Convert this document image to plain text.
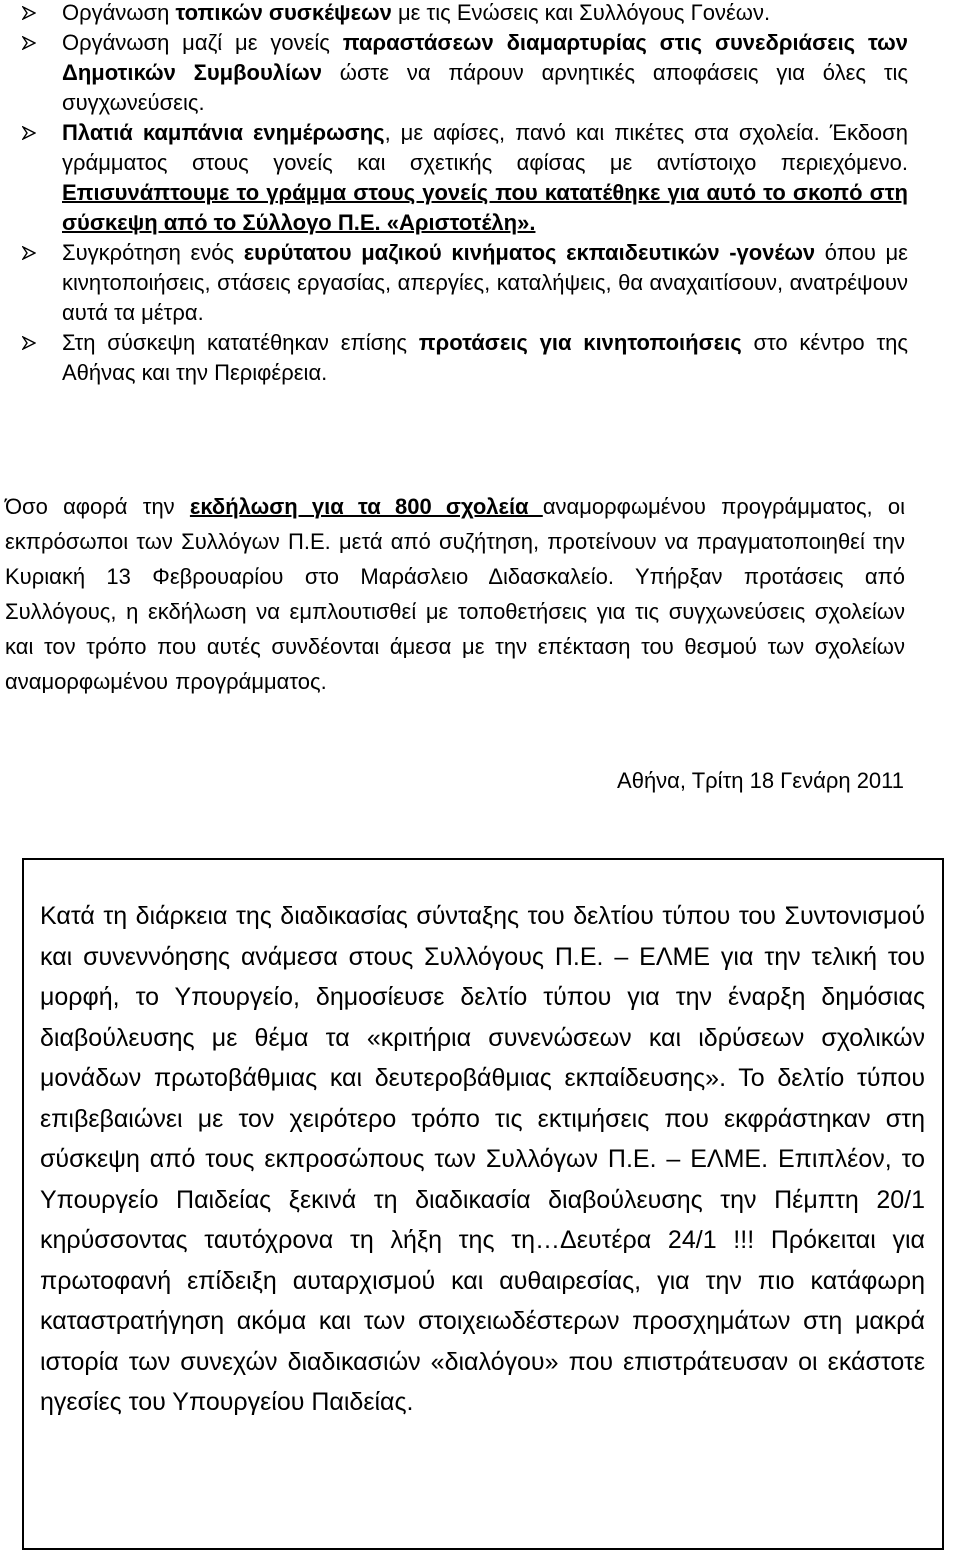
Οργάνωση τοπικών συσκέψεων με τις Ενώσεις και Συλλόγους Γονέων.
Οργάνωση μαζί με γονείς παραστάσεων διαμαρτυρίας στις συνεδριάσεις των Δημοτικών Συμβουλίων ώστε να πάρουν αρνητικές αποφάσεις για όλες τις συγχωνεύσεις.
Πλατιά καμπάνια ενημέρωσης, με αφίσες, πανό και πικέτες στα σχολεία. Έκδοση γράμματος στους γονείς και σχετικής αφίσας με αντίστοιχο περιεχόμενο. Επισυνάπτουμε το γράμμα στους γονείς που κατατέθηκε για αυτό το σκοπό στη σύσκεψη από το Σύλλογο Π.Ε. «Αριστοτέλη».
Συγκρότηση ενός ευρύτατου μαζικού κινήματος εκπαιδευτικών -γονέων όπου με κινητοποιήσεις, στάσεις εργασίας, απεργίες, καταλήψεις, θα αναχαιτίσουν, ανατρέψουν αυτά τα μέτρα.
Στη σύσκεψη κατατέθηκαν επίσης προτάσεις για κινητοποιήσεις στο κέντρο της Αθήνας και την Περιφέρεια.

Όσο αφορά την εκδήλωση για τα 800 σχολεία αναμορφωμένου προγράμματος, οι εκπρόσωποι των Συλλόγων Π.Ε. μετά από συζήτηση, προτείνουν να πραγματοποιηθεί την Κυριακή 13 Φεβρουαρίου στο Μαράσλειο Διδασκαλείο. Υπήρξαν προτάσεις από Συλλόγους, η εκδήλωση να εμπλουτισθεί με τοποθετήσεις για τις συγχωνεύσεις σχολείων και τον τρόπο που αυτές συνδέονται άμεσα με την επέκταση του θεσμού των σχολείων αναμορφωμένου προγράμματος.

Αθήνα, Τρίτη 18 Γενάρη 2011

Κατά τη διάρκεια της διαδικασίας σύνταξης του δελτίου τύπου του Συντονισμού και συνεννόησης ανάμεσα στους Συλλόγους Π.Ε. – ΕΛΜΕ για την τελική του μορφή, το Υπουργείο, δημοσίευσε δελτίο τύπου για την έναρξη δημόσιας διαβούλευσης με θέμα τα «κριτήρια συνενώσεων και ιδρύσεων σχολικών μονάδων πρωτοβάθμιας και δευτεροβάθμιας εκπαίδευσης». Το δελτίο τύπου επιβεβαιώνει με τον χειρότερο τρόπο τις εκτιμήσεις που εκφράστηκαν στη σύσκεψη από τους εκπροσώπους των Συλλόγων Π.Ε. – ΕΛΜΕ. Επιπλέον, το Υπουργείο Παιδείας ξεκινά τη διαδικασία διαβούλευσης την Πέμπτη 20/1 κηρύσσοντας ταυτόχρονα τη λήξη της τη…Δευτέρα 24/1 !!! Πρόκειται για πρωτοφανή επίδειξη αυταρχισμού και αυθαιρεσίας, για την πιο κατάφωρη καταστρατήγηση ακόμα και των στοιχειωδέστερων προσχημάτων στη μακρά ιστορία των συνεχών διαδικασιών «διαλόγου» που επιστράτευσαν οι εκάστοτε ηγεσίες του Υπουργείου Παιδείας.
